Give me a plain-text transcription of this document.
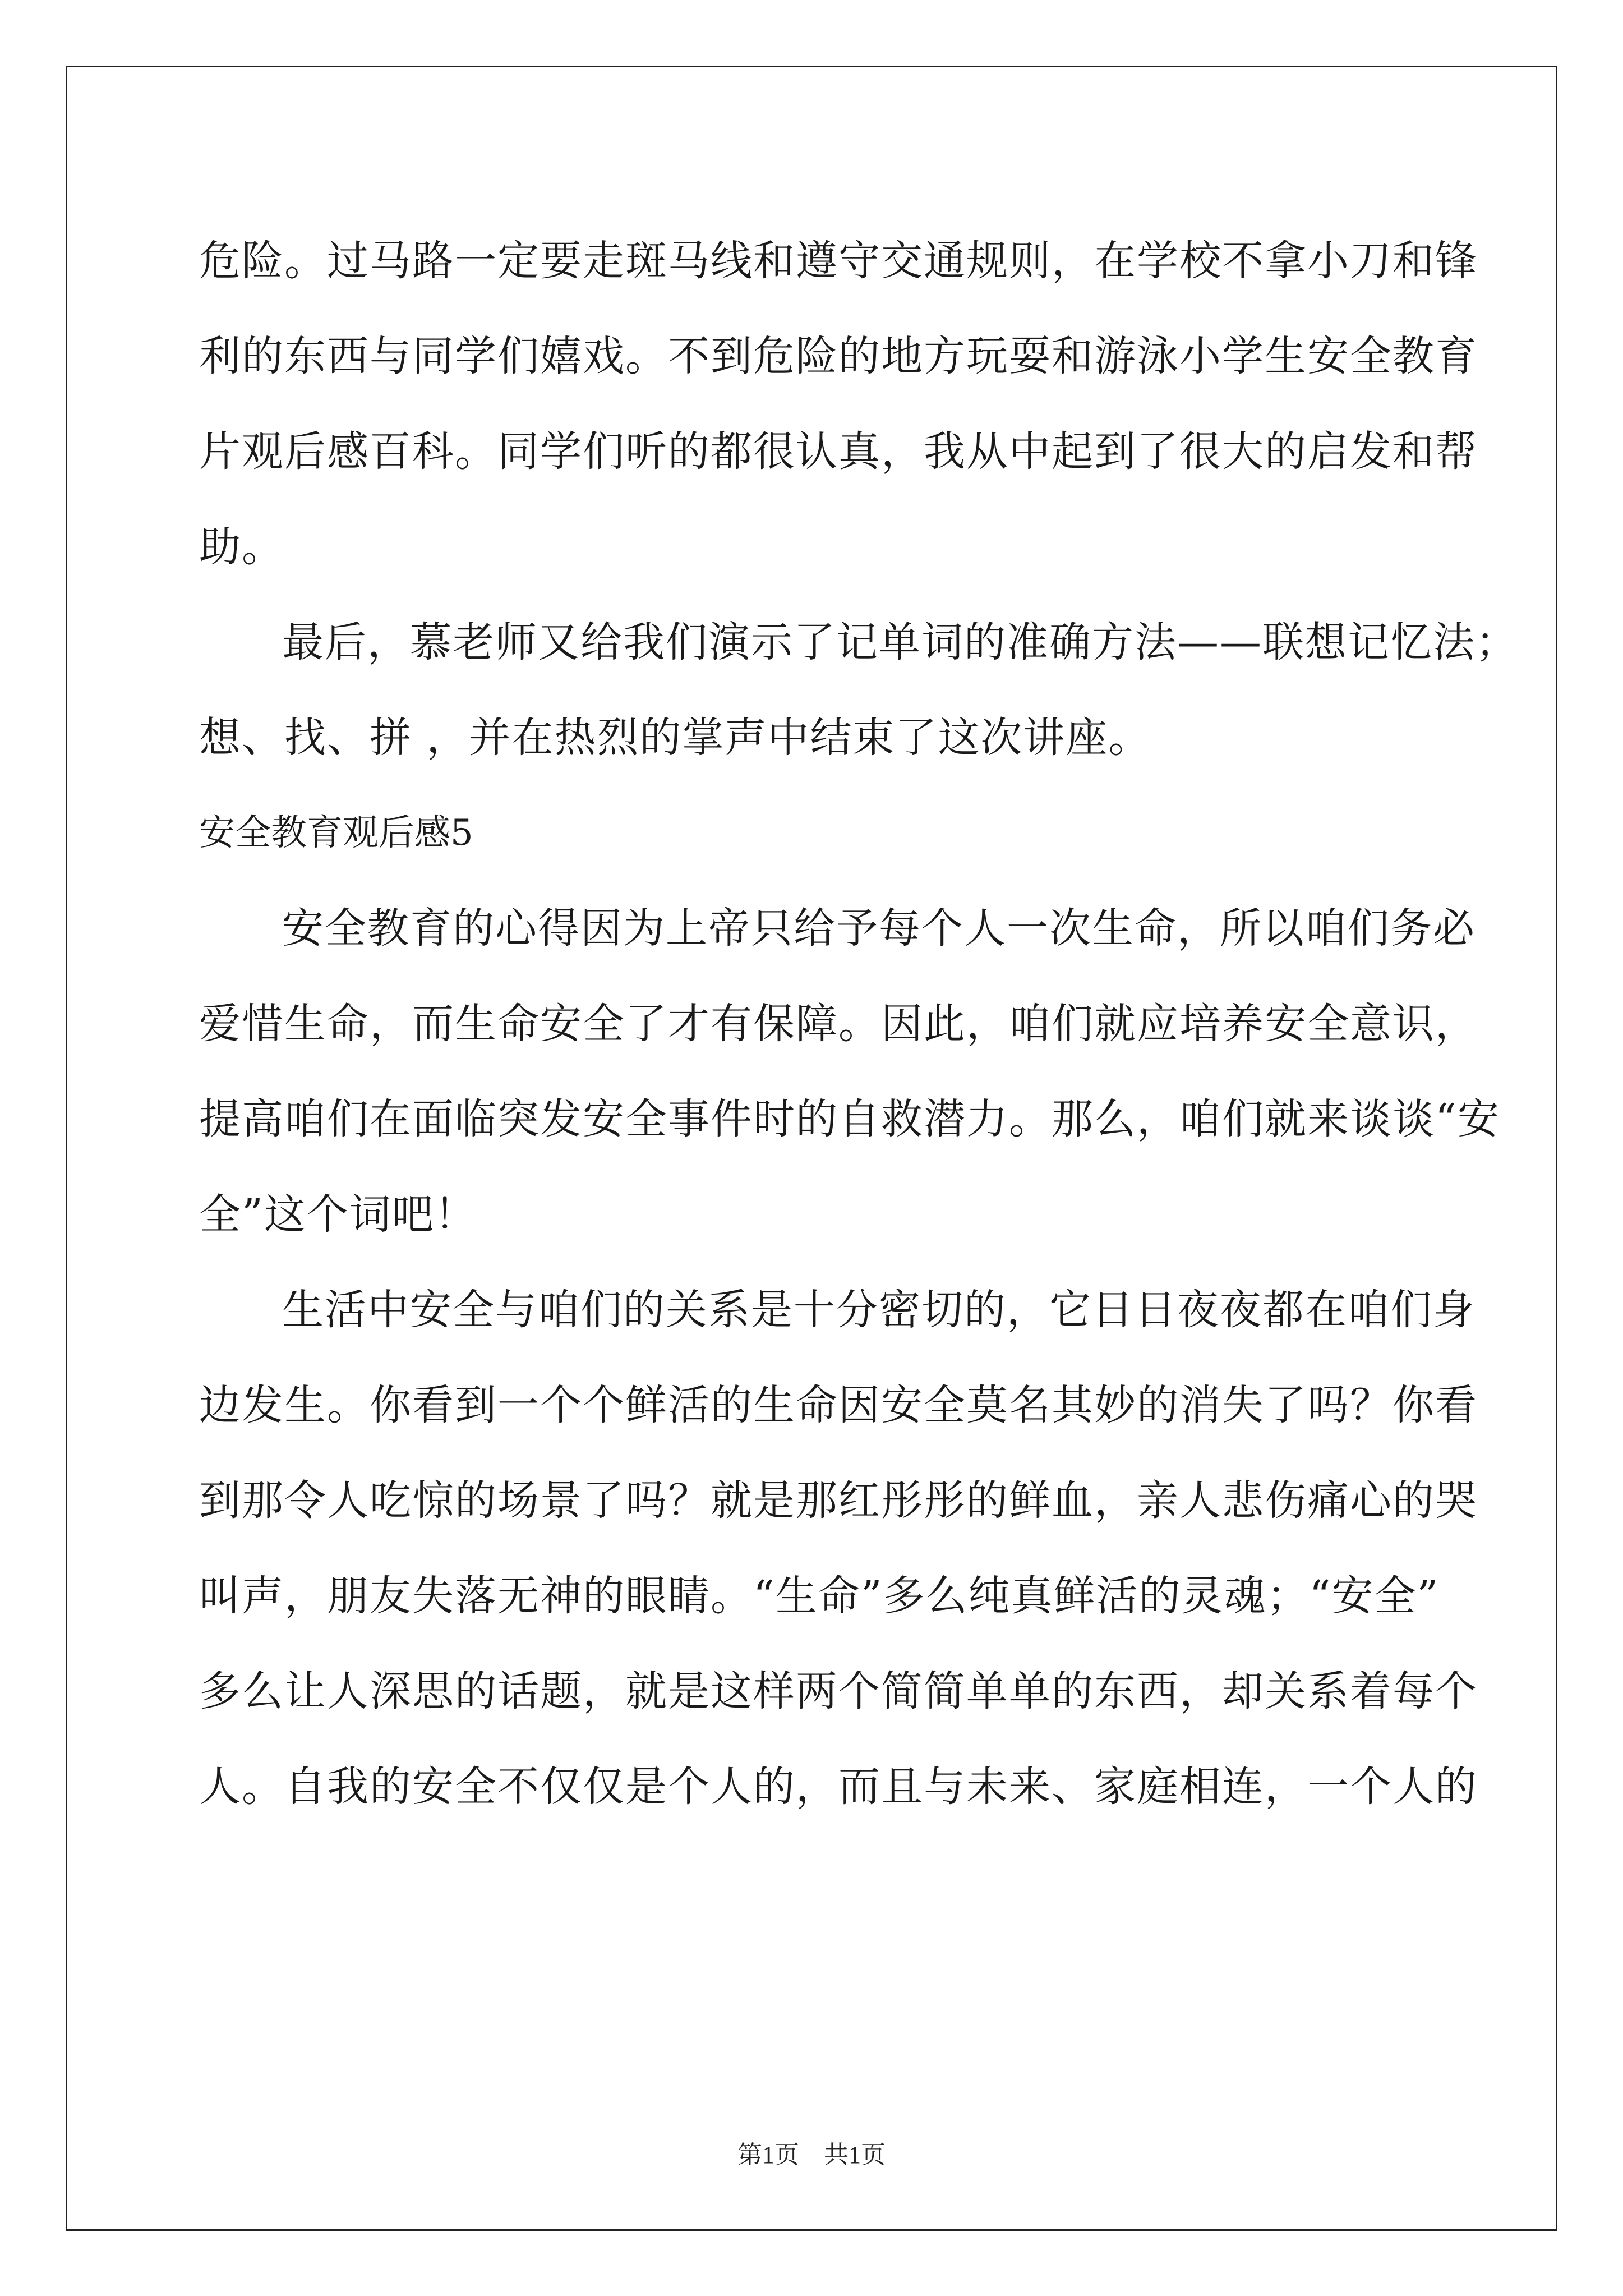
危险。过马路一定要走斑马线和遵守交通规则，在学校不拿小刀和锋
利的东西与同学们嬉戏。不到危险的地方玩耍和游泳小学生安全教育
片观后感百科。同学们听的都很认真，我从中起到了很大的启发和帮
助。
最后，慕老师又给我们演示了记单词的准确方法——联想记忆法；
想、找、拼 ，并在热烈的掌声中结束了这次讲座。
安全教育观后感5
安全教育的心得因为上帝只给予每个人一次生命，所以咱们务必
爱惜生命，而生命安全了才有保障。因此，咱们就应培养安全意识，
提高咱们在面临突发安全事件时的自救潜力。那么，咱们就来谈谈“安
全”这个词吧！
生活中安全与咱们的关系是十分密切的，它日日夜夜都在咱们身
边发生。你看到一个个鲜活的生命因安全莫名其妙的消失了吗？你看
到那令人吃惊的场景了吗？就是那红彤彤的鲜血，亲人悲伤痛心的哭
叫声，朋友失落无神的眼睛。“生命”多么纯真鲜活的灵魂；“安全”
多么让人深思的话题，就是这样两个简简单单的东西，却关系着每个
人。自我的安全不仅仅是个人的，而且与未来、家庭相连，一个人的
第1页　共1页
